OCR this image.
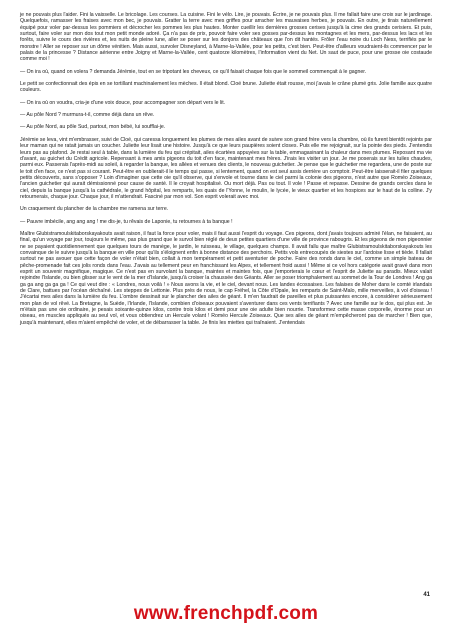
je ne pouvais plus l'aider. Fini la vaisselle. Le bricolage. Les courses. La cuisine. Fini le vélo. Lire, je pouvais. Écrire, je ne pouvais plus. Il me fallait faire une croix sur le jardinage. Quelquefois, ramasser les fraises avec mon bec, je pouvais. Gratter la terre avec mes griffes pour arracher les mauvaises herbes, je pouvais. En outre, je tirais naturellement équipé pour voler par-dessus les pommiers et décrocher les pommes les plus hautes. Monter cueillir les dernières grosses cerises jusqu'à la cime des grands cerisiers. Et puis, surtout, faire voler sur mon dos tout mon petit monde adoré. Ça n'a pas de prix, pouvoir faire voler ses gosses par-dessus les montagnes et les mers, par-dessus les lacs et les forêts, suivre le cours des rivières et, les nuits de pleine lune, aller se poser sur les donjons des châteaux que l'on dit hantés. Frôler l'eau noire du Loch Ness, terrifiés par le monstre ! Aller se reposer sur un dôme vénitien. Mais aussi, survoler Disneyland, à Marne-la-Vallée, pour les petits, c'est bien. Peut-être d'ailleurs voudraient-ils commencer par le palais de la princesse ? Distance aérienne entre Joigny et Marne-la-Vallée, cent quatorze kilomètres, l'information vient du Net. Un saut de puce, pour une grosse oie costaude comme moi !

— On ira où, quand on volera ? demanda Jérémie, tout en se tripotant les cheveux, ce qu'il faisait chaque fois que le sommeil commençait à le gagner.

Le petit se confectionnait des épis en se tortillant machinalement les mèches. Il était blond. Cloé brune. Juliette était rousse, moi j'avais le crâne plumé gris. Jolie famille aux quatre couleurs.

— On ira où on voudra, cria-je d'une voix douce, pour accompagner son départ vers le lit.

— Au pôle Nord ? murmura-t-il, comme déjà dans un rêve.

— Au pôle Nord, au pôle Sud, partout, mon bébé, lui soufflai-je.

Jérémie se leva, vint m'embrasser, suivi de Cloé, qui caressa longuement les plumes de mes ailes avant de suivre son grand frère vers la chambre, où ils furent bientôt rejoints par leur maman qui ne ratait jamais un coucher. Juliette leur lisait une histoire. Jusqu'à ce que leurs paupières soient closes. Puis elle me rejoignait, sur la pointe des pieds. J'entendis leurs pas au plafond. Je restai seul à table, dans la lumière du feu qui crépitait, ailes écartées appuyées sur la table, emmagasinant la chaleur dans mes plumes. Reposant ma vie d'avant, au guichet du Crédit agricole. Repensant à mes amis pigeons du toit d'en face, maintenant mes frères. J'irais les visiter un jour. Je me poserais sur les tuiles chaudes, parmi eux. Passerais l'après-midi au soleil, à regarder la banque, les allées et venues des clients, le nouveau guichetier. Je pense que le guichetier me regardera, une de poste sur le toit d'en face, ce n'est pas si courant. Peut-être en oublierait-il le temps qui passe, si lentement, quand on est seul assis derrière un comptoir. Peut-être laisserait-il filer quelques petits découverts, sans s'opposer ? Loin d'imaginer que cette oie qu'il observe, qui s'envole et tourne dans le ciel parmi la colonie des pigeons, n'est autre que Roméo Zoiseaux, l'ancien guichetier qui aurait démissionné pour cause de santé. Il le croyait hospitalisé. Ou mort déjà. Pas ou tout. Il vole ! Passe et repasse. Dessine de grands cercles dans le ciel, depuis la banque jusqu'à la cathédrale, le grand hôpital, les remparts, les quais de l'Yonne, le moulin, le lycée, le vieux quartier et les hospices sur le haut de la colline. J'y retournerais, chaque jour. Chaque jour, il m'attendrait. Fasciné par mon vol. Son esprit volerait avec moi.

Un craquement du plancher de la chambre me ramena sur terre.

— Pauvre imbécile, ang ang ang ! me dis-je, tu rêvais de Laponie, tu retournes à ta banque !

Maître Glubistramoulskitaborskayakouts avait raison, il faut la force pour voler, mais il faut aussi l'esprit du voyage. Ces pigeons, dont j'avais toujours admiré l'élan, ne faisaient, au final, qu'un voyage par jour, toujours le même, pas plus grand que le survol bien réglé de deux petites quartiers d'une ville de province rabougris. Et les pigeons de mon pigeonnier ne se payaient quotidiennement que quelques tours de manège, le jardin, le ruisseau, le village, quelques champs. Il avait fallu que maître Glubistramoulskitaborskayakouts les convainque de le suivre jusqu'à la banque en ville pour qu'ils s'éloignent enfin à bonne distance des perchoirs. Petits vols entrecoupés de siestes sur l'ardoise lisse et tiède. Il fallait surtout ne pas avouer que cette façon de voler n'était bien, collait à mon tempérament et petit aventurier de poche. Faire des ronds dans le ciel, comme un simple bateau de pêche-promenade fait ces jolis ronds dans l'eau. J'avais au tellement peur en franchissant les Alpes, et tellement froid aussi ! Même si ce vol hors catégorie avait gravé dans mon esprit un souvenir magnifique, magique. Ce n'est pas en survolant la banque, maintes et maintes fois, que j'emporterais le cœur et l'esprit de Juliette au paradis. Mieux valait rejoindre l'Islande, ou bien glisser sur le vent de la mer d'Islande, jusqu'à croiser la chaussée des Géants. Aller se poser triomphalement au sommet de la Tour de Londres ! Ang ga ga ga ang ga ga ga ! Ce qui veut dire : « Londres, nous voilà ! » Nous avons la vie, et le ciel, devant nous. Les landes écossaises. Les falaises de Moher dans le comté irlandais de Clare, battues par l'océan déchaîné. Les steppes de Lettonie. Plus près de nous, le cap Fréhel, la Côte d'Opale, les remparts de Saint-Malo, mille merveilles, à vol d'oiseau ! J'écartai mes ailes dans la lumière du feu. L'ombre dessinait sur le plancher des ailes de géant. Il m'en faudrait de pareilles et plus puissantes encore, à considérer sérieusement mon plan de vol rêvé. La Bretagne, la Suède, l'Irlande, l'Islande, combien d'oiseaux pouvaient s'aventurer dans ces vents terrifiants ? Avec une famille sur le dos, qui plus est. Je m'étais pas une oie ordinaire, je pesais soixante-quinze kilos, contre trois kilos et demi pour une oie adulte bien nourrie. Transformez cette masse corporelle, énorme pour un oiseau, en muscles appliqués au seul vol, et vous obtiendrez un Hercule volant ! Roméo Hercule Zoiseaux. Que ses ailes de géant m'empêcheront pas de marcher ! Bien que, jusqu'à maintenant, elles m'aient empêché de voler, et de débarrasser la table. Je finis les miettes qui traînaient. J'entendais

41
www.frenchpdf.com
